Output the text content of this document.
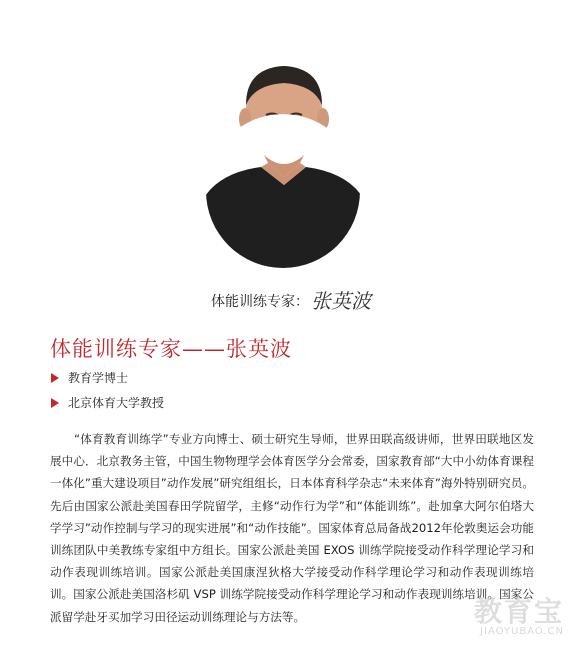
体能训练专家： 张英波
体能训练专家——张英波
教育学博士
北京体育大学教授

“体育教育训练学”专业方向博士、硕士研究生导师，世界田联高级讲师，世界田联地区发展中心．北京教务主管，中国生物物理学会体育医学分会常委，国家教育部“大中小幼体育课程一体化”重大建设项目”动作发展”研究组组长，日本体育科学杂志“未来体育”海外特别研究员。先后由国家公派赴美国春田学院留学，主修“动作行为学”和“体能训练”。赴加拿大阿尔伯塔大学学习”动作控制与学习的现实进展”和“动作技能”。国家体育总局备战2012年伦敦奥运会功能训练团队中美教练专家组中方组长。国家公派赴美国 EXOS 训练学院接受动作科学理论学习和动作表现训练培训。国家公派赴美国康涅狄格大学接受动作科学理论学习和动作表现训练培训。国家公派赴美国洛杉矶 VSP 训练学院接受动作科学理论学习和动作表现训练培训。国家公派留学赴牙买加学习田径运动训练理论与方法等。	教育宝
JIAOYUBAO.CN
